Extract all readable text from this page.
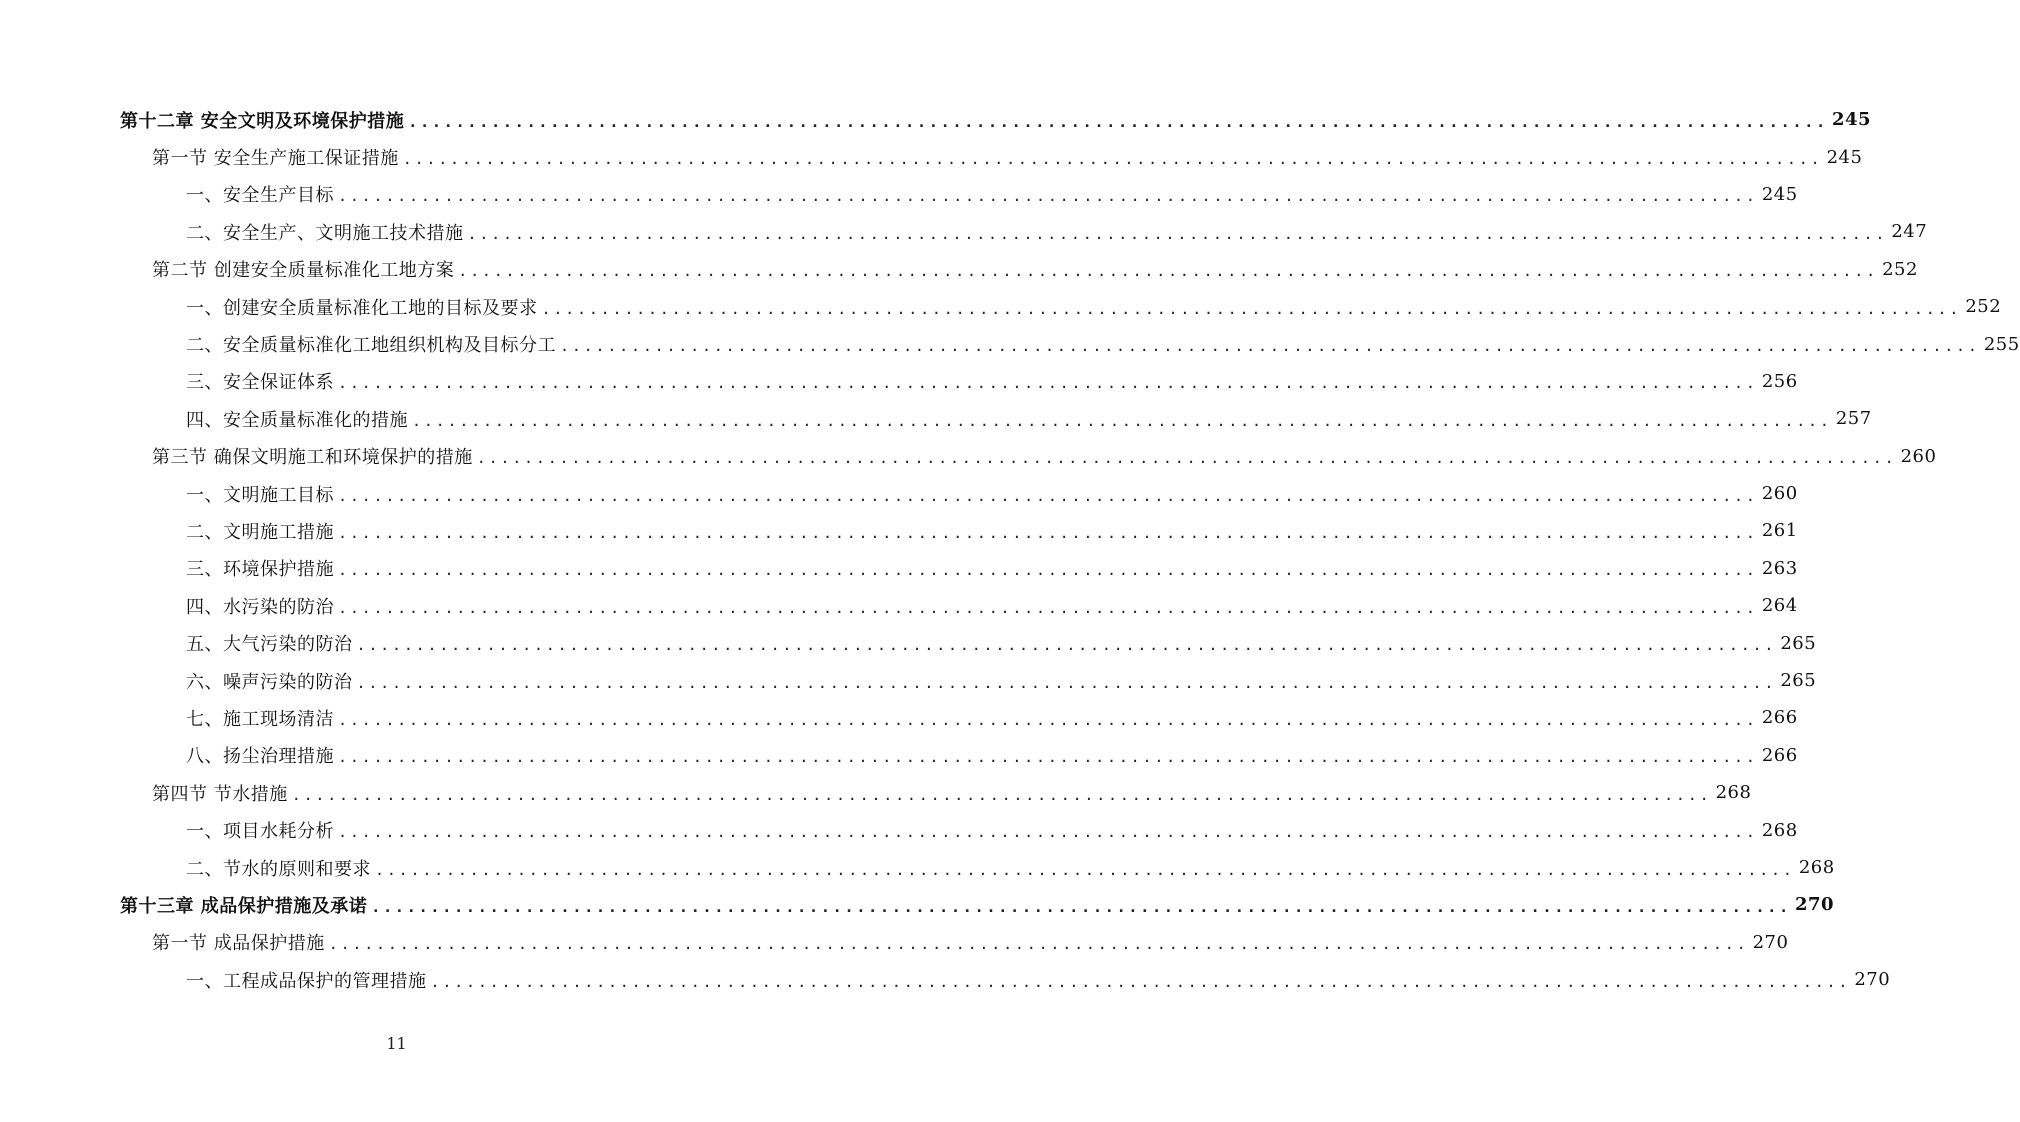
第十二章 安全文明及环境保护措施 ........................................................................................................................ 245
第一节 安全生产施工保证措施 ........................................................................................................................ 245
一、安全生产目标 ........................................................................................................................ 245
二、安全生产、文明施工技术措施 ........................................................................................................................ 247
第二节 创建安全质量标准化工地方案 ........................................................................................................................ 252
一、创建安全质量标准化工地的目标及要求 ........................................................................................................................ 252
二、安全质量标准化工地组织机构及目标分工 ........................................................................................................................ 255
三、安全保证体系 ........................................................................................................................ 256
四、安全质量标准化的措施 ........................................................................................................................ 257
第三节 确保文明施工和环境保护的措施 ........................................................................................................................ 260
一、文明施工目标 ........................................................................................................................ 260
二、文明施工措施 ........................................................................................................................ 261
三、环境保护措施 ........................................................................................................................ 263
四、水污染的防治 ........................................................................................................................ 264
五、大气污染的防治 ........................................................................................................................ 265
六、噪声污染的防治 ........................................................................................................................ 265
七、施工现场清洁 ........................................................................................................................ 266
八、扬尘治理措施 ........................................................................................................................ 266
第四节 节水措施 ........................................................................................................................ 268
一、项目水耗分析 ........................................................................................................................ 268
二、节水的原则和要求 ........................................................................................................................ 268
第十三章 成品保护措施及承诺 ........................................................................................................................ 270
第一节 成品保护措施 ........................................................................................................................ 270
一、工程成品保护的管理措施 ........................................................................................................................ 270
11
